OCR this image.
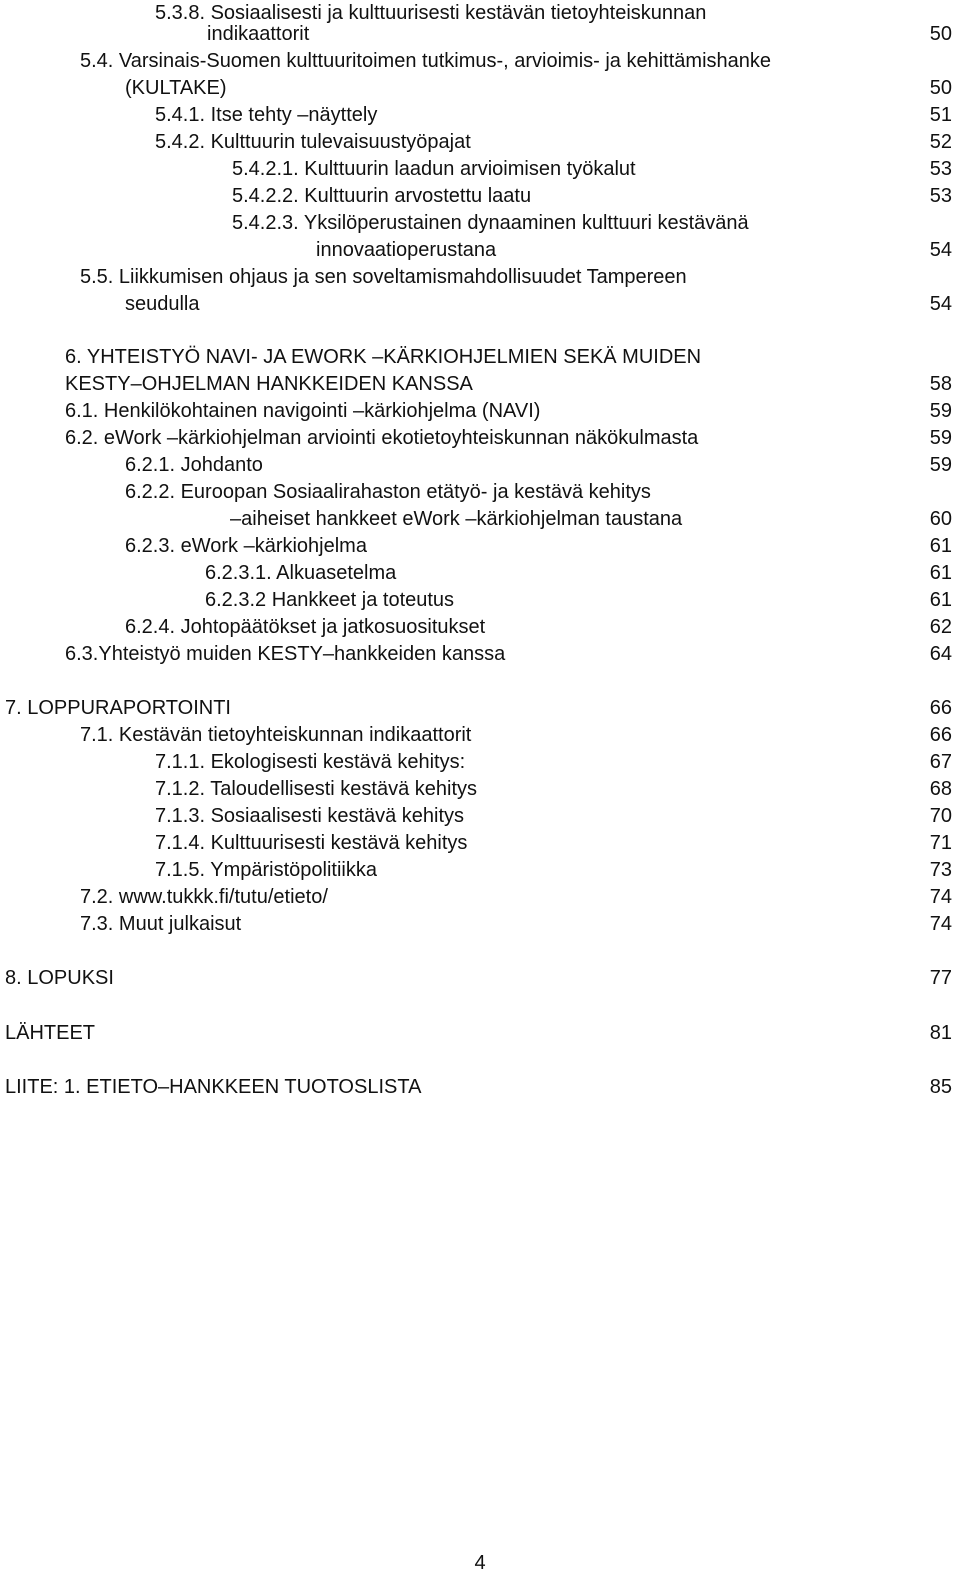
5.3.8. Sosiaalisesti ja kulttuurisesti kestävän tietoyhteiskunnan
indikaattorit	50
5.4. Varsinais-Suomen kulttuuritoimen tutkimus-, arvioimis- ja kehittämishanke
(KULTAKE)	50
5.4.1. Itse tehty –näyttely	51
5.4.2. Kulttuurin tulevaisuustyöpajat	52
5.4.2.1. Kulttuurin laadun arvioimisen työkalut	53
5.4.2.2. Kulttuurin arvostettu laatu	53
5.4.2.3. Yksilöperustainen dynaaminen kulttuuri kestävänä
innovaatioperustana	54
5.5. Liikkumisen ohjaus ja sen soveltamismahdollisuudet Tampereen
seudulla	54
6. YHTEISTYÖ NAVI- JA EWORK –KÄRKIOHJELMIEN SEKÄ MUIDEN
KESTY–OHJELMAN HANKKEIDEN KANSSA	58
6.1. Henkilökohtainen navigointi –kärkiohjelma (NAVI)	59
6.2. eWork –kärkiohjelman arviointi ekotietoyhteiskunnan näkökulmasta	59
6.2.1. Johdanto	59
6.2.2. Euroopan Sosiaalirahaston etätyö- ja kestävä kehitys
–aiheiset hankkeet eWork –kärkiohjelman taustana	60
6.2.3. eWork –kärkiohjelma	61
6.2.3.1. Alkuasetelma	61
6.2.3.2 Hankkeet ja toteutus	61
6.2.4. Johtopäätökset ja jatkosuositukset	62
6.3.Yhteistyö muiden KESTY–hankkeiden kanssa	64
7. LOPPURAPORTOINTI	66
7.1. Kestävän tietoyhteiskunnan indikaattorit	66
7.1.1. Ekologisesti kestävä kehitys:	67
7.1.2. Taloudellisesti kestävä kehitys	68
7.1.3. Sosiaalisesti kestävä kehitys	70
7.1.4. Kulttuurisesti kestävä kehitys	71
7.1.5. Ympäristöpolitiikka	73
7.2. www.tukkk.fi/tutu/etieto/	74
7.3. Muut julkaisut	74
8. LOPUKSI	77
LÄHTEET	81
LIITE: 1. ETIETO–HANKKEEN TUOTOSLISTA	85
4
